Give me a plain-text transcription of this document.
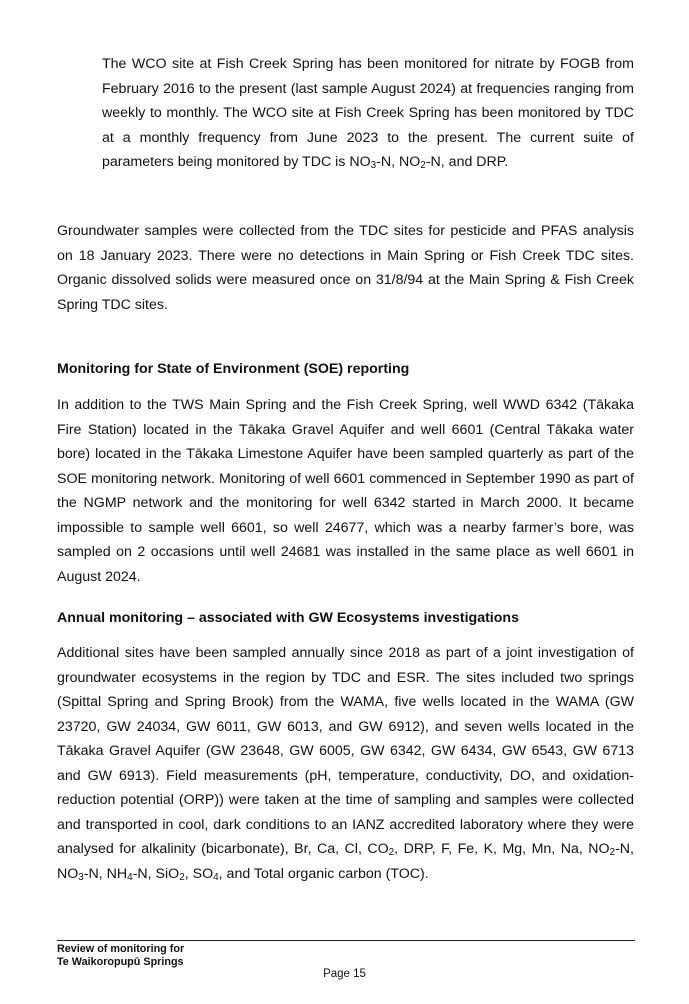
The WCO site at Fish Creek Spring has been monitored for nitrate by FOGB from February 2016 to the present (last sample August 2024) at frequencies ranging from weekly to monthly. The WCO site at Fish Creek Spring has been monitored by TDC at a monthly frequency from June 2023 to the present. The current suite of parameters being monitored by TDC is $NO_3-N$, $NO_2-N$, and DRP.

Groundwater samples were collected from the TDC sites for pesticide and PFAS analysis on 18 January 2023. There were no detections in Main Spring or Fish Creek TDC sites. Organic dissolved solids were measured once on 31/8/94 at the Main Spring & Fish Creek Spring TDC sites.

Monitoring for State of Environment (SOE) reporting

In addition to the TWS Main Spring and the Fish Creek Spring, well WWD 6342 (Tākaka Fire Station) located in the Tākaka Gravel Aquifer and well 6601 (Central Tākaka water bore) located in the Tākaka Limestone Aquifer have been sampled quarterly as part of the SOE monitoring network. Monitoring of well 6601 commenced in September 1990 as part of the NGMP network and the monitoring for well 6342 started in March 2000. It became impossible to sample well 6601, so well 24677, which was a nearby farmer’s bore, was sampled on 2 occasions until well 24681 was installed in the same place as well 6601 in August 2024.

Annual monitoring – associated with GW Ecosystems investigations

Additional sites have been sampled annually since 2018 as part of a joint investigation of groundwater ecosystems in the region by TDC and ESR. The sites included two springs (Spittal Spring and Spring Brook) from the WAMA, five wells located in the WAMA (GW 23720, GW 24034, GW 6011, GW 6013, and GW 6912), and seven wells located in the Tākaka Gravel Aquifer (GW 23648, GW 6005, GW 6342, GW 6434, GW 6543, GW 6713 and GW 6913). Field measurements (pH, temperature, conductivity, DO, and oxidation-reduction potential (ORP)) were taken at the time of sampling and samples were collected and transported in cool, dark conditions to an IANZ accredited laboratory where they were analysed for alkalinity (bicarbonate), Br, Ca, Cl, $CO_2$, DRP, F, Fe, K, Mg, Mn, Na, $NO_2-N$, $NO_3-N$, $NH_4-N$, SiO$_2$, $SO_4$, and Total organic carbon (TOC).

Review of monitoring for

Te Waikoropupū Springs

Page 15
